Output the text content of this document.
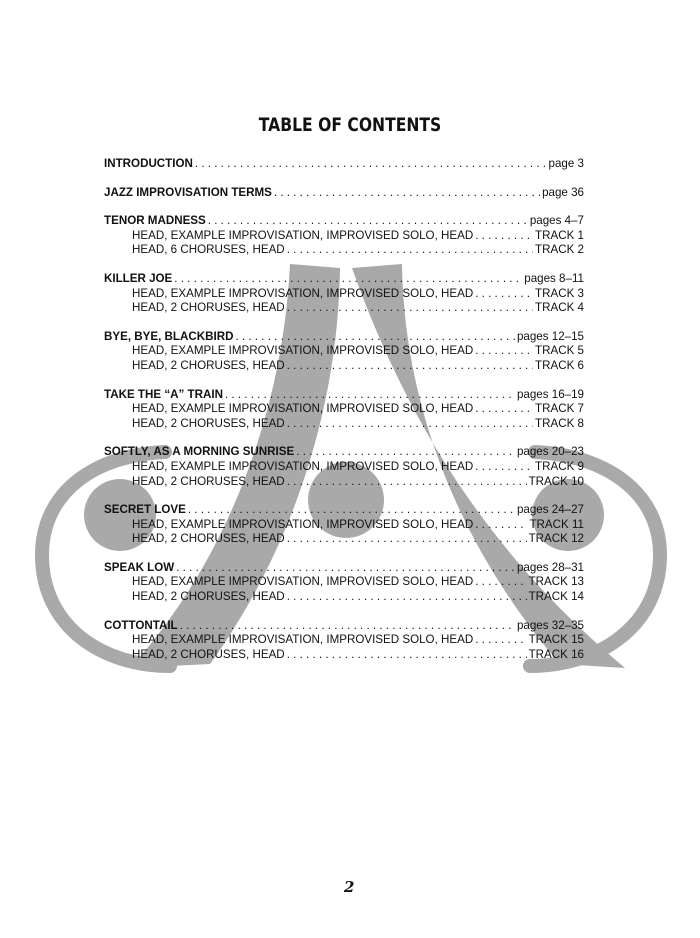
TABLE OF CONTENTS
INTRODUCTION . . .	page 3
JAZZ IMPROVISATION TERMS . . .	page 36
TENOR MADNESS . . .	pages 4–7
HEAD, EXAMPLE IMPROVISATION, IMPROVISED SOLO, HEAD . . .	TRACK 1
HEAD, 6 CHORUSES, HEAD . . .	TRACK 2
KILLER JOE . . .	pages 8–11
HEAD, EXAMPLE IMPROVISATION, IMPROVISED SOLO, HEAD . . .	TRACK 3
HEAD, 2 CHORUSES, HEAD . . .	TRACK 4
BYE, BYE, BLACKBIRD . . .	pages 12–15
HEAD, EXAMPLE IMPROVISATION, IMPROVISED SOLO, HEAD . . .	TRACK 5
HEAD, 2 CHORUSES, HEAD . . .	TRACK 6
TAKE THE “A” TRAIN . . .	pages 16–19
HEAD, EXAMPLE IMPROVISATION, IMPROVISED SOLO, HEAD . . .	TRACK 7
HEAD, 2 CHORUSES, HEAD . . .	TRACK 8
SOFTLY, AS A MORNING SUNRISE . . .	pages 20–23
HEAD, EXAMPLE IMPROVISATION, IMPROVISED SOLO, HEAD . . .	TRACK 9
HEAD, 2 CHORUSES, HEAD . . .	TRACK 10
SECRET LOVE . . .	pages 24–27
HEAD, EXAMPLE IMPROVISATION, IMPROVISED SOLO, HEAD . . .	TRACK 11
HEAD, 2 CHORUSES, HEAD . . .	TRACK 12
SPEAK LOW . . .	pages 28–31
HEAD, EXAMPLE IMPROVISATION, IMPROVISED SOLO, HEAD . . .	TRACK 13
HEAD, 2 CHORUSES, HEAD . . .	TRACK 14
COTTONTAIL . . .	pages 32–35
HEAD, EXAMPLE IMPROVISATION, IMPROVISED SOLO, HEAD . . .	TRACK 15
HEAD, 2 CHORUSES, HEAD . . .	TRACK 16
2
